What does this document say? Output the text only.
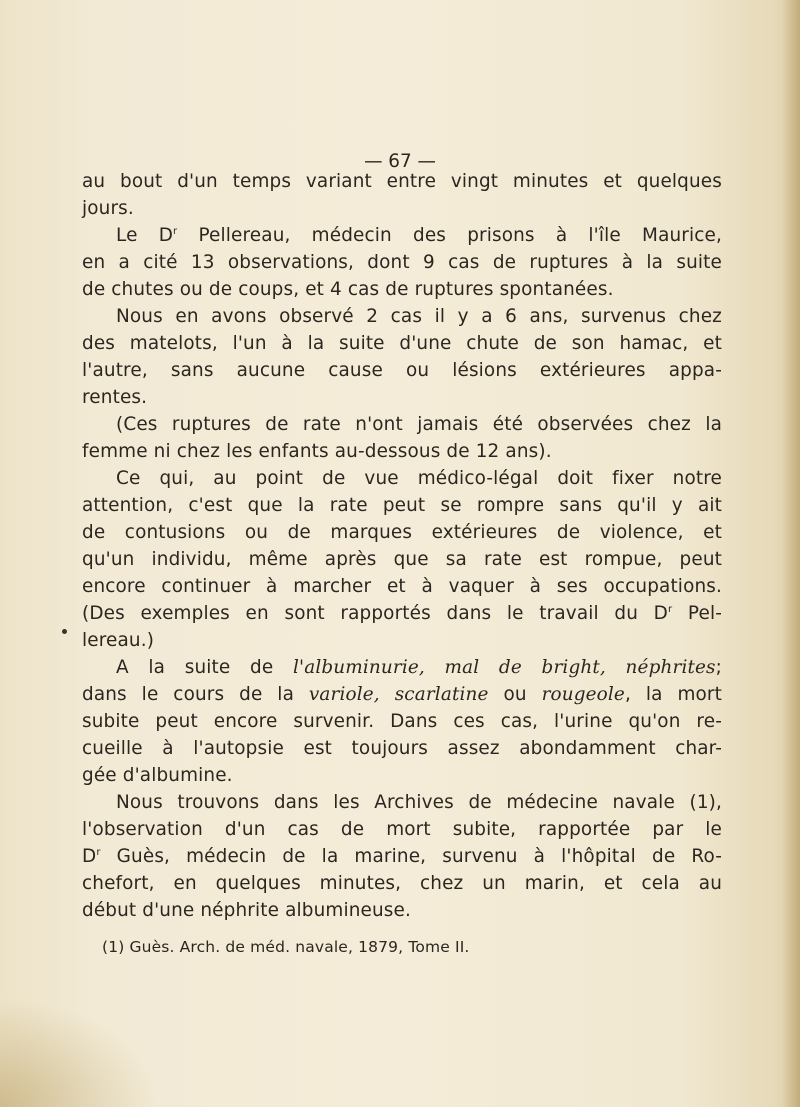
— 67 —
au bout d'un temps variant entre vingt minutes et quelques
jours.
Le $D^r$ Pellereau, médecin des prisons à l'île Maurice,
en a cité 13 observations, dont 9 cas de ruptures à la suite
de chutes ou de coups, et 4 cas de ruptures spontanées.
Nous en avons observé 2 cas il y a 6 ans, survenus chez
des matelots, l'un à la suite d'une chute de son hamac, et
l'autre, sans aucune cause ou lésions extérieures appa-
rentes.
(Ces ruptures de rate n'ont jamais été observées chez la
femme ni chez les enfants au-dessous de 12 ans).
Ce qui, au point de vue médico-légal doit fixer notre
attention, c'est que la rate peut se rompre sans qu'il y ait
de contusions ou de marques extérieures de violence, et
qu'un individu, même après que sa rate est rompue, peut
encore continuer à marcher et à vaquer à ses occupations.
(Des exemples en sont rapportés dans le travail du $D^r$ Pel-
lereau.)
A la suite de l'albuminurie, mal de bright, néphrites;
dans le cours de la variole, scarlatine ou rougeole, la mort
subite peut encore survenir. Dans ces cas, l'urine qu'on re-
cueille à l'autopsie est toujours assez abondamment char-
gée d'albumine.
Nous trouvons dans les Archives de médecine navale (1),
l'observation d'un cas de mort subite, rapportée par le
$D^r$ Guès, médecin de la marine, survenu à l'hôpital de Ro-
chefort, en quelques minutes, chez un marin, et cela au
début d'une néphrite albumineuse.
(1) Guès. Arch. de méd. navale, 1879, Tome II.
